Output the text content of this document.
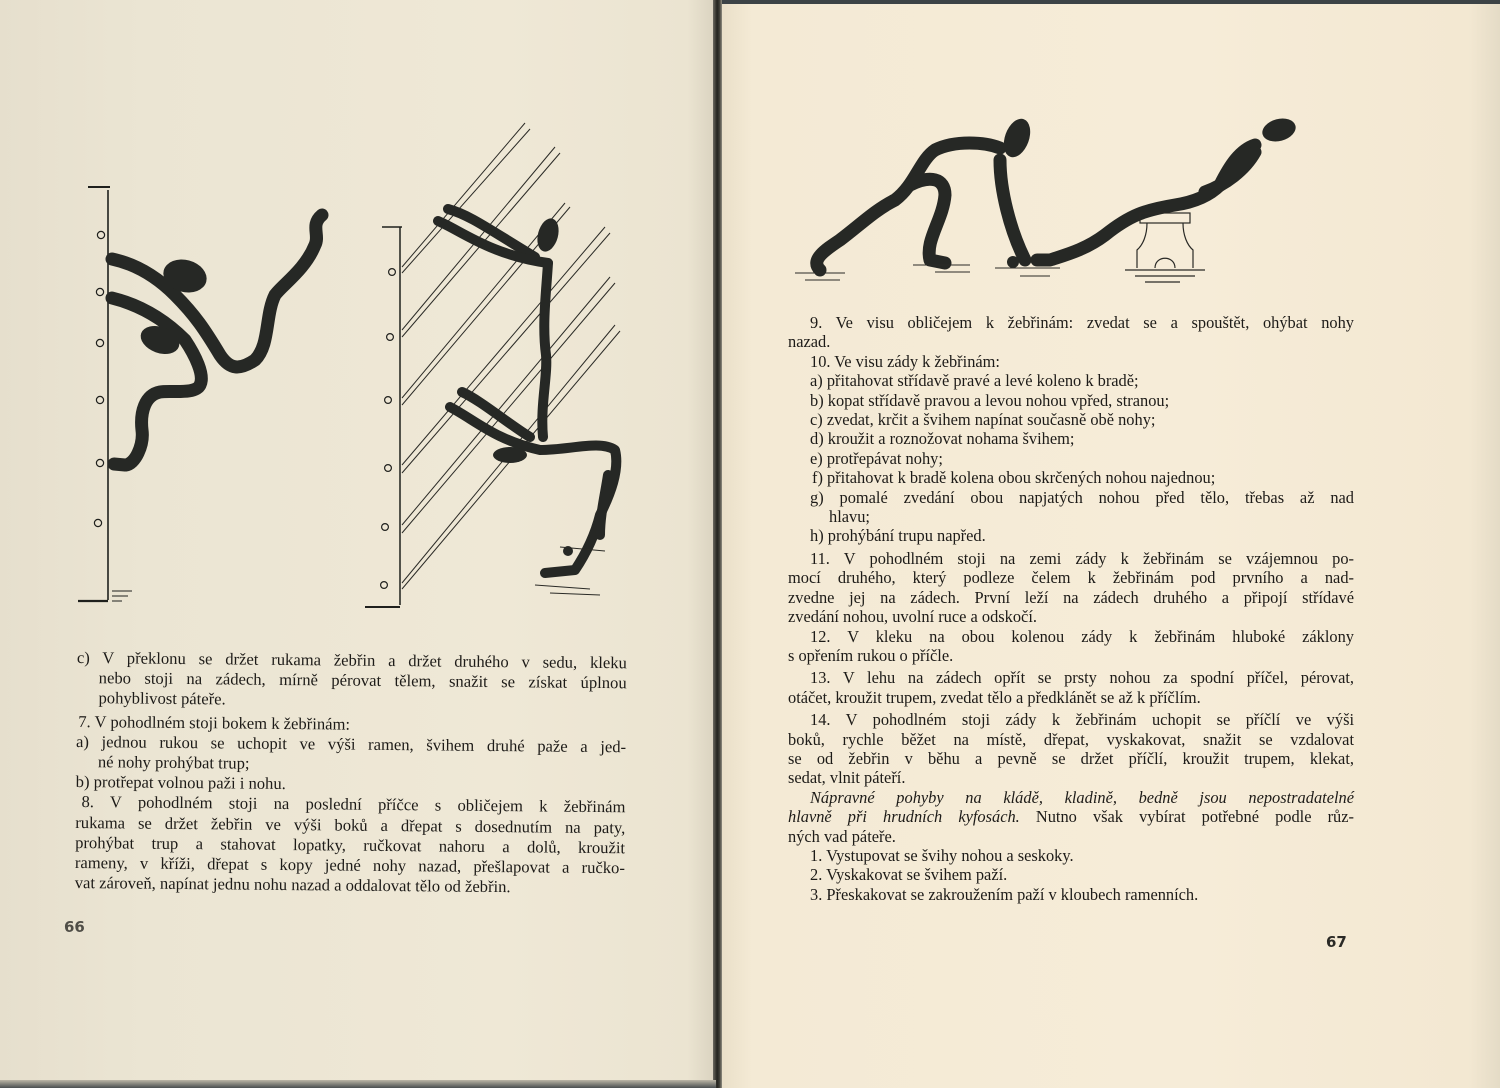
c) V překlonu se držet rukama žebřin a držet druhého v sedu, kleku
nebo stoji na zádech, mírně pérovat tělem, snažit se získat úplnou
pohyblivost páteře.
7. V pohodlném stoji bokem k žebřinám:
a) jednou rukou se uchopit ve výši ramen, švihem druhé paže a jed-
né nohy prohýbat trup;
b) protřepat volnou paži i nohu.
8. V pohodlném stoji na poslední příčce s obličejem k žebřinám
rukama se držet žebřin ve výši boků a dřepat s dosednutím na paty,
prohýbat trup a stahovat lopatky, ručkovat nahoru a dolů, kroužit
rameny, v kříži, dřepat s kopy jedné nohy nazad, přešlapovat a ručko-
vat zároveň, napínat jednu nohu nazad a oddalovat tělo od žebřin.
66
9. Ve visu obličejem k žebřinám: zvedat se a spouštět, ohýbat nohy
nazad.
10. Ve visu zády k žebřinám:
a) přitahovat střídavě pravé a levé koleno k bradě;
b) kopat střídavě pravou a levou nohou vpřed, stranou;
c) zvedat, krčit a švihem napínat současně obě nohy;
d) kroužit a roznožovat nohama švihem;
e) protřepávat nohy;
f) přitahovat k bradě kolena obou skrčených nohou najednou;
g) pomalé zvedání obou napjatých nohou před tělo, třebas až nad
hlavu;
h) prohýbání trupu napřed.
11. V pohodlném stoji na zemi zády k žebřinám se vzájemnou po-
mocí druhého, který podleze čelem k žebřinám pod prvního a nad-
zvedne jej na zádech. První leží na zádech druhého a připojí střídavé
zvedání nohou, uvolní ruce a odskočí.
12. V kleku na obou kolenou zády k žebřinám hluboké záklony
s opřením rukou o příčle.
13. V lehu na zádech opřít se prsty nohou za spodní příčel, pérovat,
otáčet, kroužit trupem, zvedat tělo a předklánět se až k příčlím.
14. V pohodlném stoji zády k žebřinám uchopit se příčlí ve výši
boků, rychle běžet na místě, dřepat, vyskakovat, snažit se vzdalovat
se od žebřin v běhu a pevně se držet příčlí, kroužit trupem, klekat,
sedat, vlnit páteří.
Nápravné pohyby na kládě, kladině, bedně jsou nepostradatelné
hlavně při hrudních kyfosách. Nutno však vybírat potřebné podle růz-
ných vad páteře.
1. Vystupovat se švihy nohou a seskoky.
2. Vyskakovat se švihem paží.
3. Přeskakovat se zakroužením paží v kloubech ramenních.
67
